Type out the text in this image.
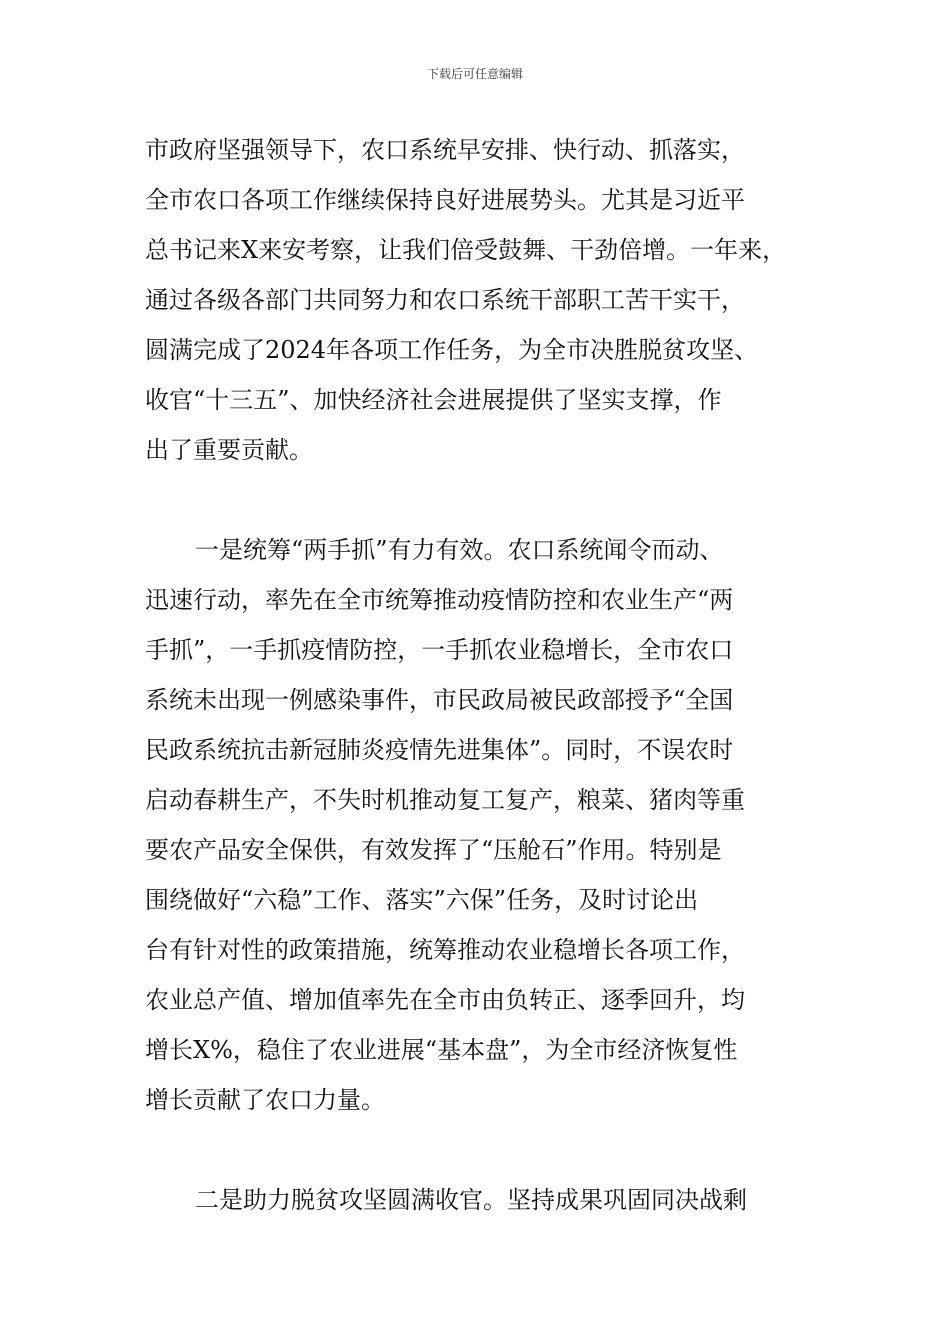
下载后可任意编辑
市政府坚强领导下，农口系统早安排、快行动、抓落实，
全市农口各项工作继续保持良好进展势头。尤其是习近平
总书记来X来安考察，让我们倍受鼓舞、干劲倍增。一年来，
通过各级各部门共同努力和农口系统干部职工苦干实干，
圆满完成了2024年各项工作任务，为全市决胜脱贫攻坚、
收官“十三五”、加快经济社会进展提供了坚实支撑，作
出了重要贡献。
一是统筹“两手抓”有力有效。农口系统闻令而动、
迅速行动，率先在全市统筹推动疫情防控和农业生产“两
手抓”，一手抓疫情防控，一手抓农业稳增长，全市农口
系统未出现一例感染事件，市民政局被民政部授予“全国
民政系统抗击新冠肺炎疫情先进集体”。同时，不误农时
启动春耕生产，不失时机推动复工复产，粮菜、猪肉等重
要农产品安全保供，有效发挥了“压舱石”作用。特别是
围绕做好“六稳”工作、落实”六保”任务，及时讨论出
台有针对性的政策措施，统筹推动农业稳增长各项工作，
农业总产值、增加值率先在全市由负转正、逐季回升，均
增长X%，稳住了农业进展“基本盘”，为全市经济恢复性
增长贡献了农口力量。
二是助力脱贫攻坚圆满收官。坚持成果巩固同决战剩
